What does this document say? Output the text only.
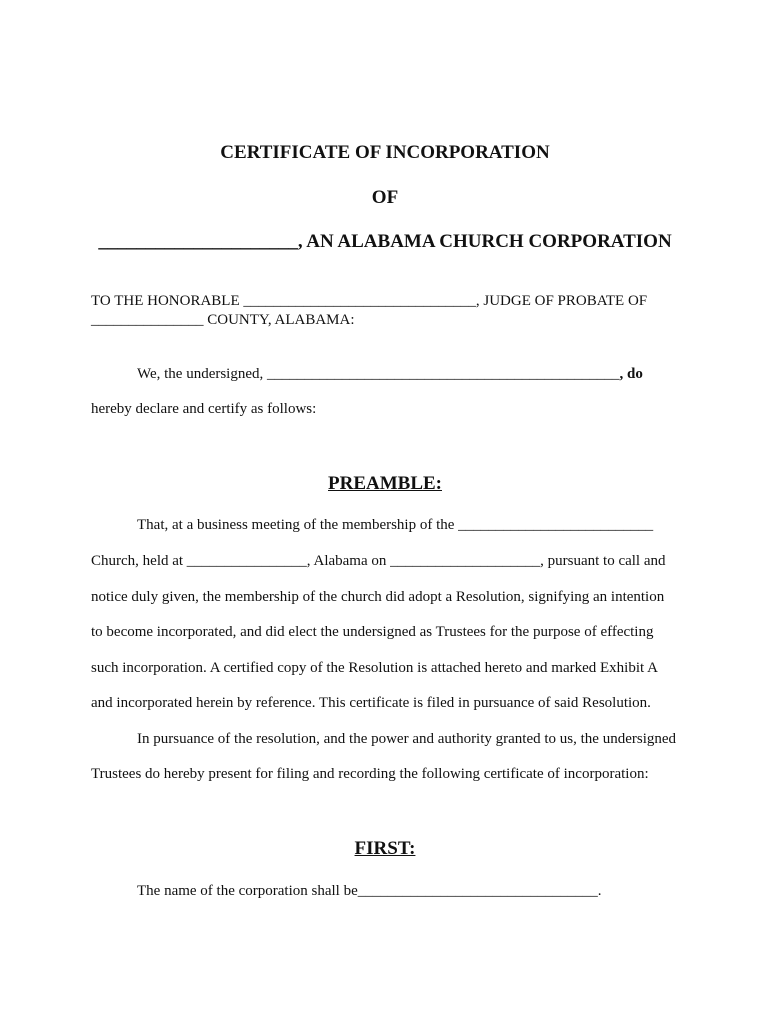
CERTIFICATE OF INCORPORATION
OF
_____________________, AN ALABAMA CHURCH CORPORATION
TO THE HONORABLE _______________________________, JUDGE OF PROBATE OF
_______________ COUNTY, ALABAMA:
We, the undersigned, _______________________________________________, do
hereby declare and certify as follows:
PREAMBLE:
That, at a business meeting of the membership of the __________________________
Church, held at ________________, Alabama on ____________________, pursuant to call and
notice duly given, the membership of the church did adopt a Resolution, signifying an intention
to become incorporated, and did elect the undersigned as Trustees for the purpose of effecting
such incorporation. A certified copy of the Resolution is attached hereto and marked Exhibit A
and incorporated herein by reference. This certificate is filed in pursuance of said Resolution.
In pursuance of the resolution, and the power and authority granted to us, the undersigned
Trustees do hereby present for filing and recording the following certificate of incorporation:
FIRST:
The name of the corporation shall be________________________________.
